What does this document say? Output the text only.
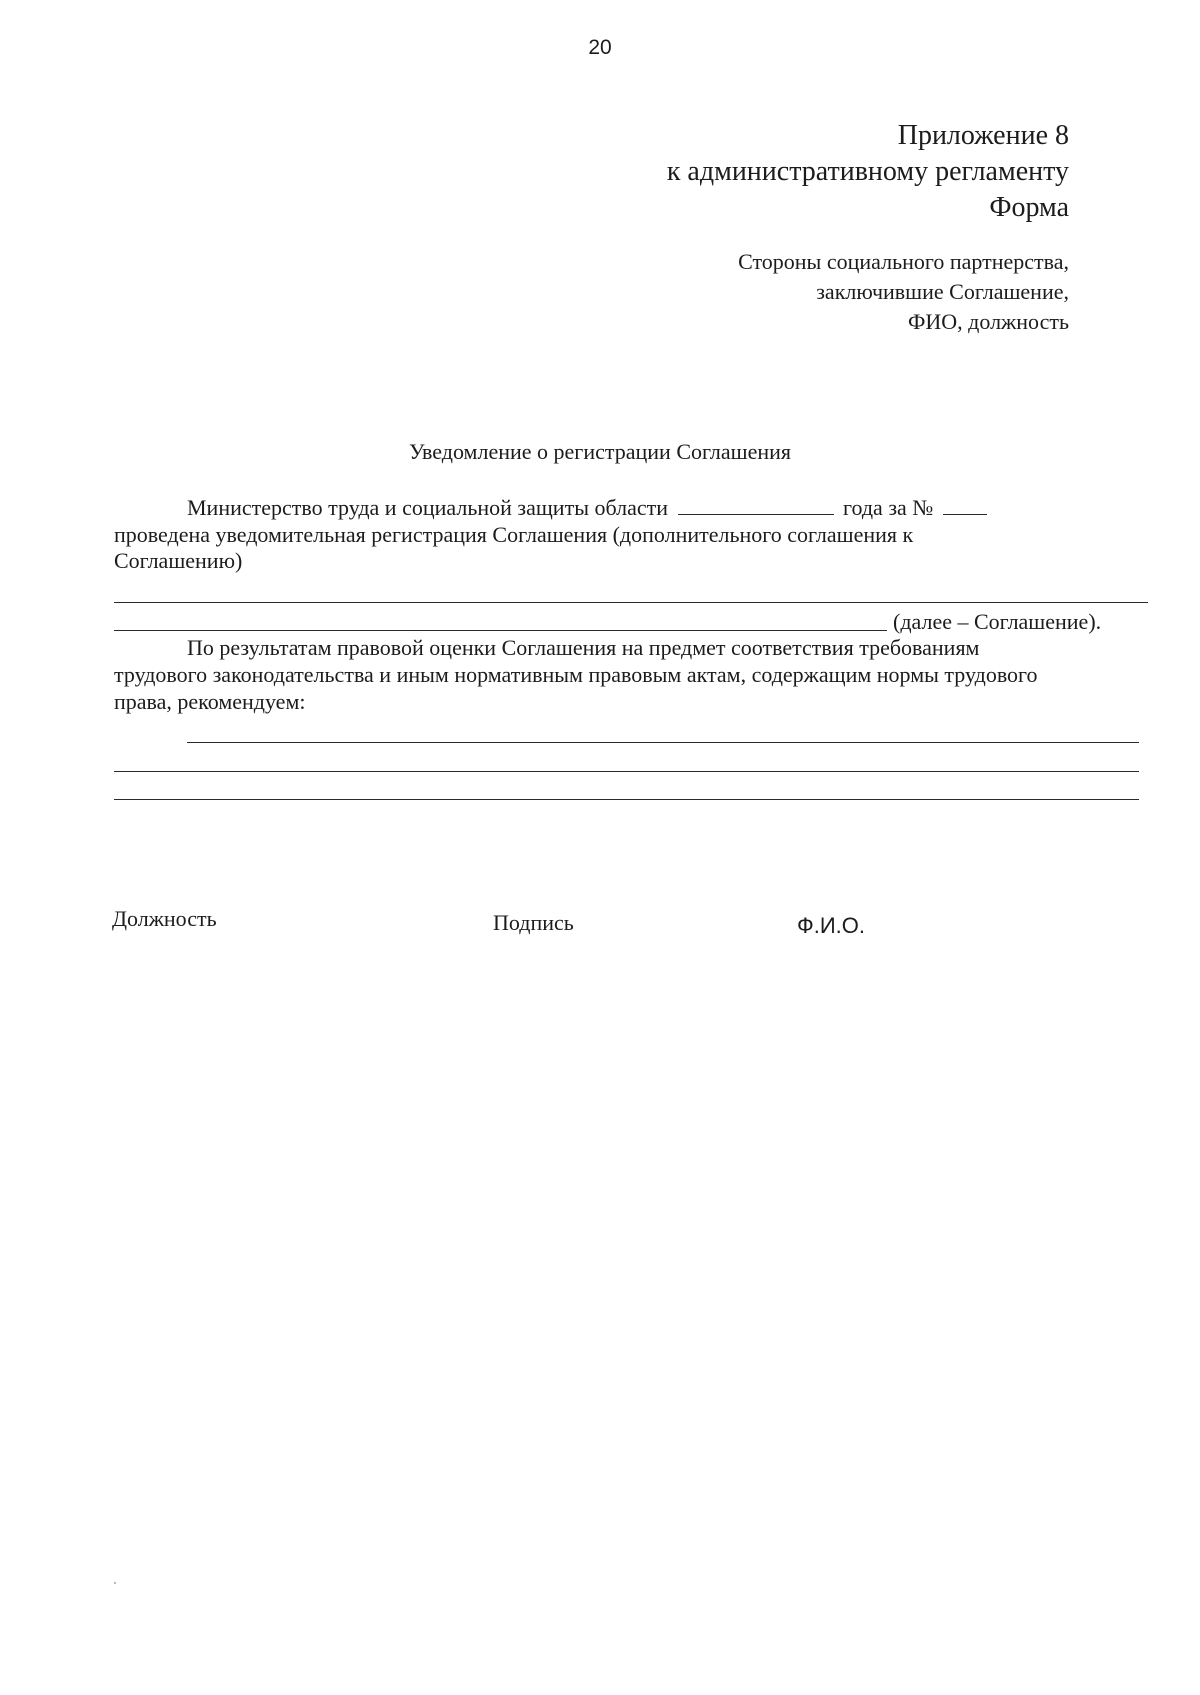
20
Приложение 8
к административному регламенту
Форма
Стороны социального партнерства,
заключившие Соглашение,
ФИО, должность
Уведомление о регистрации Соглашения
Министерство труда и социальной защиты области	года за №
проведена уведомительная регистрация Соглашения (дополнительного соглашения к
Соглашению)
(далее – Соглашение).
По результатам правовой оценки Соглашения на предмет соответствия требованиям
трудового законодательства и иным нормативным правовым актам, содержащим нормы трудового
права, рекомендуем:
Должность	Подпись	Ф.И.О.
